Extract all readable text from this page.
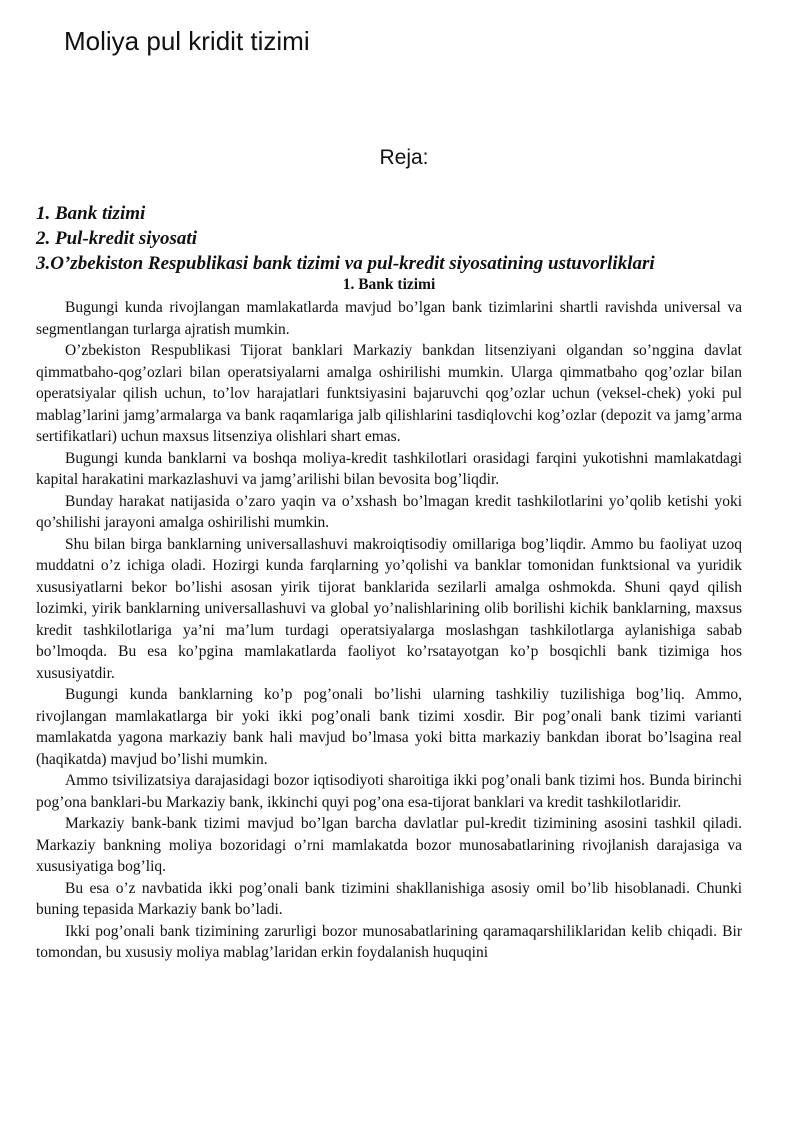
Moliya pul kridit tizimi
Reja:
1. Bank tizimi
2. Pul-kredit siyosati
3.O’zbekiston Respublikasi bank tizimi va pul-kredit siyosatining ustuvorliklari
1. Bank tizimi

Bugungi kunda rivojlangan mamlakatlarda mavjud bo’lgan bank tizimlarini shartli ravishda universal va segmentlangan turlarga ajratish mumkin.

O’zbekiston Respublikasi Tijorat banklari Markaziy bankdan litsenziyani olgandan so’nggina davlat qimmatbaho-qog’ozlari bilan operatsiyalarni amalga oshirilishi mumkin. Ularga qimmatbaho qog’ozlar bilan operatsiyalar qilish uchun, to’lov harajatlari funktsiyasini bajaruvchi qog’ozlar uchun (veksel-chek) yoki pul mablag’larini jamg’armalarga va bank raqamlariga jalb qilishlarini tasdiqlovchi kog’ozlar (depozit va jamg’arma sertifikatlari) uchun maxsus litsenziya olishlari shart emas.

Bugungi kunda banklarni va boshqa moliya-kredit tashkilotlari orasidagi farqini yukotishni mamlakatdagi kapital harakatini markazlashuvi va jamg’arilishi bilan bevosita bog’liqdir.

Bunday harakat natijasida o’zaro yaqin va o’xshash bo’lmagan kredit tashkilotlarini yo’qolib ketishi yoki qo’shilishi jarayoni amalga oshirilishi mumkin.

Shu bilan birga banklarning universallashuvi makroiqtisodiy omillariga bog’liqdir. Ammo bu faoliyat uzoq muddatni o’z ichiga oladi. Hozirgi kunda farqlarning yo’qolishi va banklar tomonidan funktsional va yuridik xususiyatlarni bekor bo’lishi asosan yirik tijorat banklarida sezilarli amalga oshmokda. Shuni qayd qilish lozimki, yirik banklarning universallashuvi va global yo’nalishlarining olib borilishi kichik banklarning, maxsus kredit tashkilotlariga ya’ni ma’lum turdagi operatsiyalarga moslashgan tashkilotlarga aylanishiga sabab bo’lmoqda. Bu esa ko’pgina mamlakatlarda faoliyot ko’rsatayotgan ko’p bosqichli bank tizimiga hos xususiyatdir.

Bugungi kunda banklarning ko’p pog’onali bo’lishi ularning tashkiliy tuzilishiga bog’liq. Ammo, rivojlangan mamlakatlarga bir yoki ikki pog’onali bank tizimi xosdir. Bir pog’onali bank tizimi varianti mamlakatda yagona markaziy bank hali mavjud bo’lmasa yoki bitta markaziy bankdan iborat bo’lsagina real (haqikatda) mavjud bo’lishi mumkin.

Ammo tsivilizatsiya darajasidagi bozor iqtisodiyoti sharoitiga ikki pog’onali bank tizimi hos. Bunda birinchi pog’ona banklari-bu Markaziy bank, ikkinchi quyi pog’ona esa-tijorat banklari va kredit tashkilotlaridir.

Markaziy bank-bank tizimi mavjud bo’lgan barcha davlatlar pul-kredit tizimining asosini tashkil qiladi. Markaziy bankning moliya bozoridagi o’rni mamlakatda bozor munosabatlarining rivojlanish darajasiga va xususiyatiga bog’liq.

Bu esa o’z navbatida ikki pog’onali bank tizimini shakllanishiga asosiy omil bo’lib hisoblanadi. Chunki buning tepasida Markaziy bank bo’ladi.

Ikki pog’onali bank tizimining zarurligi bozor munosabatlarining qaramaqarshiliklaridan kelib chiqadi. Bir tomondan, bu xususiy moliya mablag’laridan erkin foydalanish huquqini
